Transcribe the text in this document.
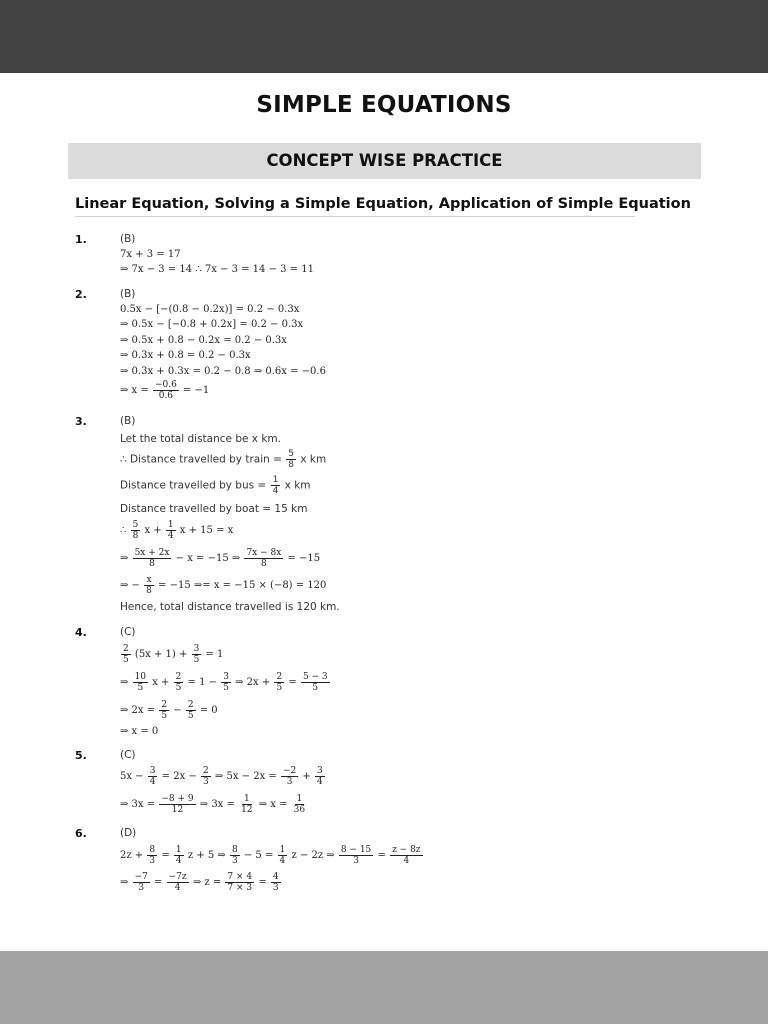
SIMPLE EQUATIONS
CONCEPT WISE PRACTICE
Linear Equation, Solving a Simple Equation, Application of Simple Equation
1.	(B)
7x + 3 = 17
⇒ 7x − 3 = 14 ∴ 7x − 3 = 14 − 3 = 11
2.	(B)
0.5x − [−(0.8 − 0.2x)] = 0.2 − 0.3x
⇒ 0.5x − [−0.8 + 0.2x] = 0.2 − 0.3x
⇒ 0.5x + 0.8 − 0.2x = 0.2 − 0.3x
⇒ 0.3x + 0.8 = 0.2 − 0.3x
⇒ 0.3x + 0.3x = 0.2 − 0.8 ⇒ 0.6x = −0.6
⇒ $x = \frac{-0.6}{0.6} = -1$
3.	(B)
Let the total distance be x km.
∴ Distance travelled by train = $\frac{5}{8}$ x km
Distance travelled by bus = $\frac{1}{4}$ x km
Distance travelled by boat = 15 km
∴ $\frac{5}{8}$ $x + \frac{1}{4}$ x + 15 = x
⇒ $\frac{5x + 2x}{8} - x = -15$ ⇒ $\frac{7x - 8x}{8} = -15$
⇒ − $\frac{x}{8} = -15$ ⇒= x = −15 × (−8) = 120
Hence, total distance travelled is 120 km.
4.	(C)
$\frac{2}{5} (5x + 1) + \frac{3}{5} = 1$
⇒ $\frac{10}{5}$ $x + \frac{2}{5} = 1 - \frac{3}{5}$ ⇒ $2x + \frac{2}{5} = \frac{5 - 3}{5}$
⇒ $2x = \frac{2}{5} - \frac{2}{5} = 0$
⇒ x = 0
5.	(C)
$5x - \frac{3}{4} = 2x - \frac{2}{3}$ ⇒ $5x - 2x = \frac{-2}{3} + \frac{3}{4}$
⇒ $3x = \frac{-8 + 9}{12}$ ⇒ $3x = \frac{1}{12}$ ⇒ $x = \frac{1}{36}$
6.	(D)
$2z + \frac{8}{3} = \frac{1}{4}$ z + 5 ⇒ $\frac{8}{3} - 5 = \frac{1}{4}$ z − 2z ⇒ $\frac{8 - 15}{3} = \frac{z - 8z}{4}$
⇒ $\frac{-7}{3} = \frac{-7z}{4}$ ⇒ $z = \frac{7 \times 4}{7 \times 3} = \frac{4}{3}$
